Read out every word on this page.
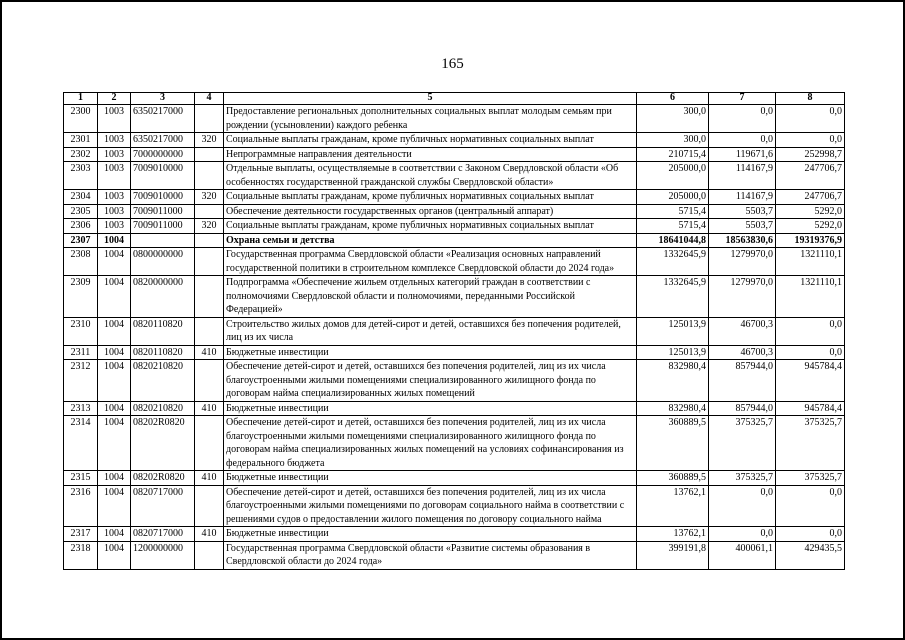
165
1	2	3	4	5	6	7	8
2300	1003	6350217000		Предоставление региональных дополнительных социальных выплат молодым семьям при рождении (усыновлении) каждого ребенка	300,0	0,0	0,0
2301	1003	6350217000	320	Социальные выплаты гражданам, кроме публичных нормативных социальных выплат	300,0	0,0	0,0
2302	1003	7000000000		Непрограммные направления деятельности	210715,4	119671,6	252998,7
2303	1003	7009010000		Отдельные выплаты, осуществляемые в соответствии с Законом Свердловской области «Об особенностях государственной гражданской службы Свердловской области»	205000,0	114167,9	247706,7
2304	1003	7009010000	320	Социальные выплаты гражданам, кроме публичных нормативных социальных выплат	205000,0	114167,9	247706,7
2305	1003	7009011000		Обеспечение деятельности государственных органов (центральный аппарат)	5715,4	5503,7	5292,0
2306	1003	7009011000	320	Социальные выплаты гражданам, кроме публичных нормативных социальных выплат	5715,4	5503,7	5292,0
2307	1004			Охрана семьи и детства	18641044,8	18563830,6	19319376,9
2308	1004	0800000000		Государственная программа Свердловской области «Реализация основных направлений государственной политики в строительном комплексе Свердловской области до 2024 года»	1332645,9	1279970,0	1321110,1
2309	1004	0820000000		Подпрограмма «Обеспечение жильем отдельных категорий граждан в соответствии с полномочиями Свердловской области и полномочиями, переданными Российской Федерацией»	1332645,9	1279970,0	1321110,1
2310	1004	0820110820		Строительство жилых домов для детей-сирот и детей, оставшихся без попечения родителей, лиц из их числа	125013,9	46700,3	0,0
2311	1004	0820110820	410	Бюджетные инвестиции	125013,9	46700,3	0,0
2312	1004	0820210820		Обеспечение детей-сирот и детей, оставшихся без попечения родителей, лиц из их числа благоустроенными жилыми помещениями специализированного жилищного фонда по договорам найма специализированных жилых помещений	832980,4	857944,0	945784,4
2313	1004	0820210820	410	Бюджетные инвестиции	832980,4	857944,0	945784,4
2314	1004	08202R0820		Обеспечение детей-сирот и детей, оставшихся без попечения родителей, лиц из их числа благоустроенными жилыми помещениями специализированного жилищного фонда по договорам найма специализированных жилых помещений на условиях софинансирования из федерального бюджета	360889,5	375325,7	375325,7
2315	1004	08202R0820	410	Бюджетные инвестиции	360889,5	375325,7	375325,7
2316	1004	0820717000		Обеспечение детей-сирот и детей, оставшихся без попечения родителей, лиц из их числа благоустроенными жилыми помещениями по договорам социального найма в соответствии с решениями судов о предоставлении жилого помещения по договору социального найма	13762,1	0,0	0,0
2317	1004	0820717000	410	Бюджетные инвестиции	13762,1	0,0	0,0
2318	1004	1200000000		Государственная программа Свердловской области «Развитие системы образования в Свердловской области до 2024 года»	399191,8	400061,1	429435,5
